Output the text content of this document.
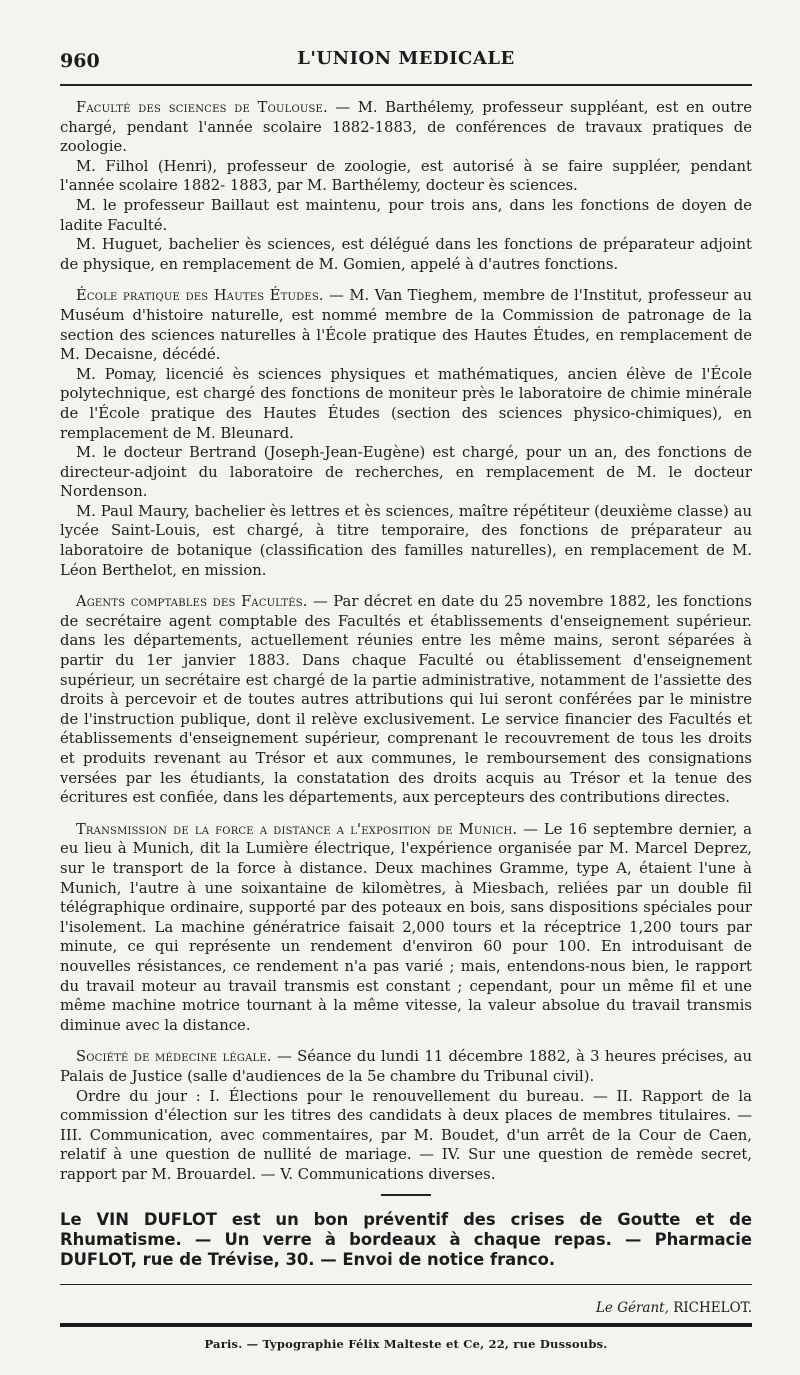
960	L'UNION MEDICALE

Faculté des sciences de Toulouse. — M. Barthélemy, professeur suppléant, est en outre chargé, pendant l'année scolaire 1882-1883, de conférences de travaux pratiques de zoologie.

M. Filhol (Henri), professeur de zoologie, est autorisé à se faire suppléer, pendant l'année scolaire 1882- 1883, par M. Barthélemy, docteur ès sciences.

M. le professeur Baillaut est maintenu, pour trois ans, dans les fonctions de doyen de ladite Faculté.

M. Huguet, bachelier ès sciences, est délégué dans les fonctions de préparateur adjoint de physique, en remplacement de M. Gomien, appelé à d'autres fonctions.

École pratique des Hautes Études. — M. Van Tieghem, membre de l'Institut, professeur au Muséum d'histoire naturelle, est nommé membre de la Commission de patronage de la section des sciences naturelles à l'École pratique des Hautes Études, en remplacement de M. Decaisne, décédé.

M. Pomay, licencié ès sciences physiques et mathématiques, ancien élève de l'École polytechnique, est chargé des fonctions de moniteur près le laboratoire de chimie minérale de l'École pratique des Hautes Études (section des sciences physico-chimiques), en remplacement de M. Bleunard.

M. le docteur Bertrand (Joseph-Jean-Eugène) est chargé, pour un an, des fonctions de directeur-adjoint du laboratoire de recherches, en remplacement de M. le docteur Nordenson.

M. Paul Maury, bachelier ès lettres et ès sciences, maître répétiteur (deuxième classe) au lycée Saint-Louis, est chargé, à titre temporaire, des fonctions de préparateur au laboratoire de botanique (classification des familles naturelles), en remplacement de M. Léon Berthelot, en mission.

Agents comptables des Facultés. — Par décret en date du 25 novembre 1882, les fonctions de secrétaire agent comptable des Facultés et établissements d'enseignement supérieur. dans les départements, actuellement réunies entre les même mains, seront séparées à partir du 1er janvier 1883. Dans chaque Faculté ou établissement d'enseignement supérieur, un secrétaire est chargé de la partie administrative, notamment de l'assiette des droits à percevoir et de toutes autres attributions qui lui seront conférées par le ministre de l'instruction publique, dont il relève exclusivement. Le service financier des Facultés et établissements d'enseignement supérieur, comprenant le recouvrement de tous les droits et produits revenant au Trésor et aux communes, le remboursement des consignations versées par les étudiants, la constatation des droits acquis au Trésor et la tenue des écritures est confiée, dans les départements, aux percepteurs des contributions directes.

Transmission de la force a distance a l'exposition de Munich. — Le 16 septembre dernier, a eu lieu à Munich, dit la Lumière électrique, l'expérience organisée par M. Marcel Deprez, sur le transport de la force à distance. Deux machines Gramme, type A, étaient l'une à Munich, l'autre à une soixantaine de kilomètres, à Miesbach, reliées par un double fil télégraphique ordinaire, supporté par des poteaux en bois, sans dispositions spéciales pour l'isolement. La machine génératrice faisait 2,000 tours et la réceptrice 1,200 tours par minute, ce qui représente un rendement d'environ 60 pour 100. En introduisant de nouvelles résistances, ce rendement n'a pas varié ; mais, entendons-nous bien, le rapport du travail moteur au travail transmis est constant ; cependant, pour un même fil et une même machine motrice tournant à la même vitesse, la valeur absolue du travail transmis diminue avec la distance.

Société de médecine légale. — Séance du lundi 11 décembre 1882, à 3 heures précises, au Palais de Justice (salle d'audiences de la 5e chambre du Tribunal civil).

Ordre du jour : I. Élections pour le renouvellement du bureau. — II. Rapport de la commission d'élection sur les titres des candidats à deux places de membres titulaires. — III. Communication, avec commentaires, par M. Boudet, d'un arrêt de la Cour de Caen, relatif à une question de nullité de mariage. — IV. Sur une question de remède secret, rapport par M. Brouardel. — V. Communications diverses.

Le VIN DUFLOT est un bon préventif des crises de Goutte et de Rhumatisme. — Un verre à bordeaux à chaque repas. — Pharmacie DUFLOT, rue de Trévise, 30. — Envoi de notice franco.
Le Gérant, RICHELOT.
Paris. — Typographie Félix Malteste et Ce, 22, rue Dussoubs.
